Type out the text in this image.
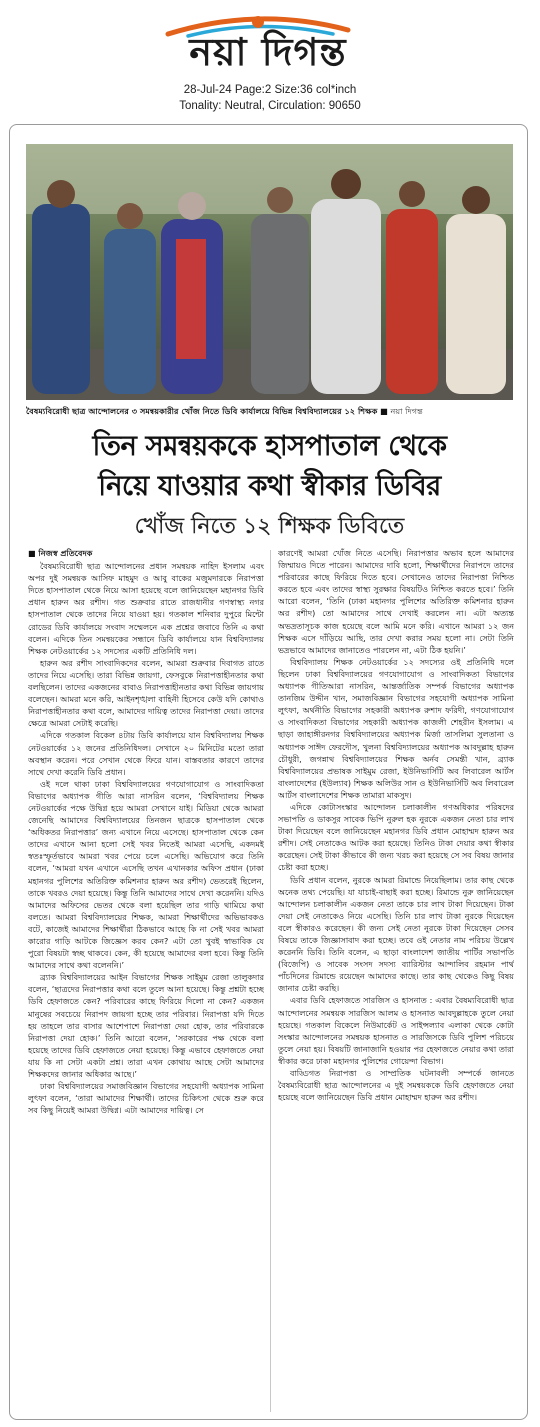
নয়া দিগন্ত
28-Jul-24 Page:2 Size:36 col*inch
Tonality: Neutral, Circulation: 90650
বৈষম্যবিরোধী ছাত্র আন্দোলনের ৩ সমন্বয়কারীর খোঁজ নিতে ডিবি কার্যালয়ে বিভিন্ন বিশ্ববিদ্যালয়ের ১২ শিক্ষক ■ নয়া দিগন্ত
তিন সমন্বয়ককে হাসপাতাল থেকে
নিয়ে যাওয়ার কথা স্বীকার ডিবির
খোঁজ নিতে ১২ শিক্ষক ডিবিতে
■ নিজস্ব প্রতিবেদক

বৈষম্যবিরোধী ছাত্র আন্দোলনের প্রধান সমন্বয়ক নাহিদ ইসলাম এবং অপর দুই সমন্বয়ক আসিফ মাহমুদ ও আবু বাকের মজুমদারকে নিরাপত্তা দিতে হাসপাতাল থেকে নিয়ে আসা হয়েছে বলে জানিয়েছেন মহানগর ডিবি প্রধান হারুন অর রশীদ। গত শুক্রবার রাতে রাজধানীর গণস্বাস্থ্য নগর হাসপাতাল থেকে তাদের নিয়ে যাওয়া হয়। গতকাল শনিবার দুপুরে মিন্টো রোডের ডিবি কার্যালয়ে সংবাদ সম্মেলনে এক প্রশ্নের জবাবে তিনি এ কথা বলেন। এদিকে তিন সমন্বয়কের সন্ধানে ডিবি কার্যালয়ে যান বিশ্ববিদ্যালয় শিক্ষক নেটওয়ার্কের ১২ সদস্যের একটি প্রতিনিধি দল।

হারুন অর রশীদ সাংবাদিকদের বলেন, আমরা শুক্রবার দিবাগত রাতে তাদের নিয়ে এসেছি। তারা বিভিন্ন জায়গা, ফেসবুকে নিরাপত্তাহীনতার কথা বলছিলেন। তাদের একজনের বাবাও নিরাপত্তাহীনতার কথা বিভিন্ন জায়গায় বলেছেন। আমরা মনে করি, আইনশৃঙ্খলা বাহিনী হিসেবে কেউ যদি কোথাও নিরাপত্তাহীনতার কথা বলে, আমাদের দায়িত্ব তাদের নিরাপত্তা দেয়া। তাদের ক্ষেত্রে আমরা সেটাই করেছি।

এদিকে গতকাল বিকেল ৪টায় ডিবি কার্যালয়ে যান বিশ্ববিদ্যালয় শিক্ষক নেটওয়ার্কের ১২ জনের প্রতিনিধিদল। সেখানে ২০ মিনিটের মতো তারা অবস্থান করেন। পরে সেখান থেকে ফিরে যান। বাস্তবতার কারণে তাদের সাথে দেখা করেনি ডিবি প্রধান।

ওই দলে থাকা ঢাকা বিশ্ববিদ্যালয়ের গণযোগাযোগ ও সাংবাদিকতা বিভাগের অধ্যাপক গীতি আরা নাসরিন বলেন, ‘বিশ্ববিদ্যালয় শিক্ষক নেটওয়ার্কের পক্ষে উদ্বিগ্ন হয়ে আমরা সেখানে যাই। মিডিয়া থেকে আমরা জেনেছি আমাদের বিশ্ববিদ্যালয়ের তিনজন ছাত্রকে হাসপাতাল থেকে ‘অধিকতর নিরাপত্তার’ জন্য এখানে নিয়ে এসেছে। হাসপাতাল থেকে কেন তাদের এখানে আনা হলো সেই খবর নিতেই আমরা এসেছি, একদমই স্বতঃস্ফূর্তভাবে আমরা খবর পেয়ে চলে এসেছি। অভিযোগ করে তিনি বলেন, ‘আমরা যখন এখানে এসেছি তখন এখানকার অফিস প্রধান (ঢাকা মহানগর পুলিশের অতিরিক্ত কমিশনার হারুন অর রশীদ) ভেতরেই ছিলেন, তাকে খবরও দেয়া হয়েছে। কিন্তু তিনি আমাদের সাথে দেখা করেননি। যদিও আমাদের অফিসের ভেতর থেকে বলা হয়েছিল তার গাড়ি থামিয়ে কথা বলতে। আমরা বিশ্ববিদ্যালয়ের শিক্ষক, আমরা শিক্ষার্থীদের অভিভাবকও বটে, কাজেই আমাদের শিক্ষার্থীরা ঠিকভাবে আছে কি না সেই খবর আমরা কারোর গাড়ি আটকে জিজ্ঞেস করব কেন? এটা তো খুবই স্বাভাবিক যে পুরো বিষয়টা স্বচ্ছ থাকবে। কেন, কী হয়েছে আমাদের বলা হবে। কিন্তু তিনি আমাদের সাথে কথা বলেননি।’

ব্র্যাক বিশ্ববিদ্যালয়ের আইন বিভাগের শিক্ষক সাইমুম রেজা তালুকদার বলেন, ‘ছাত্রদের নিরাপত্তার কথা বলে তুলে আনা হয়েছে। কিন্তু প্রশ্নটা হচ্ছে ডিবি হেফাজতে কেন? পরিবারের কাছে ফিরিয়ে দিলো না কেন? একজন মানুষের সবচেয়ে নিরাপদ জায়গা হচ্ছে তার পরিবার। নিরাপত্তা যদি দিতে হয় তাহলে তার বাসার আশেপাশে নিরাপত্তা দেয়া হোক, তার পরিবারকে নিরাপত্তা দেয়া হোক।’ তিনি আরো বলেন, ‘সরকারের পক্ষ থেকে বলা হয়েছে তাদের ডিবি হেফাজতে নেয়া হয়েছে। কিন্তু এভাবে হেফাজতে নেয়া যায় কি না সেটা একটা প্রশ্ন। তারা এখন কোথায় আছে সেটা আমাদের শিক্ষকদের জানার অধিকার আছে।’

ঢাকা বিশ্ববিদ্যালয়ের সমাজবিজ্ঞান বিভাগের সহযোগী অধ্যাপক সামিনা লুৎফা বলেন, ‘তারা আমাদের শিক্ষার্থী। তাদের চিকিৎসা থেকে শুরু করে সব কিছু নিয়েই আমরা উদ্বিগ্ন। এটা আমাদের দায়িত্ব। সে

কারণেই আমরা খোঁজ নিতে এসেছি। নিরাপত্তার অভাব হলে আমাদের জিম্মায়ও দিতে পারেন। আমাদের দাবি হলো, শিক্ষার্থীদের নিরাপদে তাদের পরিবারের কাছে ফিরিয়ে দিতে হবে। সেখানেও তাদের নিরাপত্তা নিশ্চিত করতে হবে এবং তাদের স্বাস্থ্য সুরক্ষার বিষয়টিও নিশ্চিত করতে হবে।’ তিনি আরো বলেন, ‘তিনি (ঢাকা মহানগর পুলিশের অতিরিক্ত কমিশনার হারুন অর রশীদ) তো আমাদের সাথে দেখাই করলেন না। এটা অত্যন্ত অভদ্রতাসূচক কাজ হয়েছে বলে আমি মনে করি। এখানে আমরা ১২ জন শিক্ষক এসে দাঁড়িয়ে আছি, তার দেখা করার সময় হলো না। সেটা তিনি ভদ্রভাবে আমাদের জানাতেও পারলেন না, এটা ঠিক হয়নি।’

বিশ্ববিদ্যালয় শিক্ষক নেটওয়ার্কের ১২ সদস্যের ওই প্রতিনিধি দলে ছিলেন ঢাকা বিশ্ববিদ্যালয়ের গণযোগাযোগ ও সাংবাদিকতা বিভাগের অধ্যাপক গীতিআরা নাসরিন, আন্তর্জাতিক সম্পর্ক বিভাগের অধ্যাপক তানজিম উদ্দীন খান, সমাজবিজ্ঞান বিভাগের সহযোগী অধ্যাপক সামিনা লুৎফা, অর্থনীতি বিভাগের সহকারী অধ্যাপক রুশাদ ফরিদী, গণযোগাযোগ ও সাংবাদিকতা বিভাগের সহকারী অধ্যাপক কাজলী শেহরীন ইসলাম। এ ছাড়া জাহাঙ্গীরনগর বিশ্ববিদ্যালয়ের অধ্যাপক মির্জা তাসলিমা সুলতানা ও অধ্যাপক সাঈদ ফেরদৌস, খুলনা বিশ্ববিদ্যালয়ের অধ্যাপক আবদুল্লাহ হারুন চৌধুরী, জগন্নাথ বিশ্ববিদ্যালয়ের শিক্ষক অর্নব সেমন্তী খান, ব্র্যাক বিশ্ববিদ্যালয়ের প্রভাষক সাইমুম রেজা, ইউনিভার্সিটি অব লিবারেল আর্টস বাংলাদেশের (ইউল্যাব) শিক্ষক অলিউর সান ও ইউনিভার্সিটি অব লিবারেল আর্টস বাংলাদেশের শিক্ষক তামারা মাকসুদ।

এদিকে কোটাসংস্কার আন্দোলন চলাকালীন গণঅধিকার পরিষদের সভাপতি ও ডাকসুর সাবেক ভিপি নুরুল হক নুরকে একজন নেতা চার লাখ টাকা দিয়েছেন বলে জানিয়েছেন মহানগর ডিবি প্রধান মোহাম্মদ হারুন অর রশীদ। সেই নেতাকেও আটক করা হয়েছে। তিনিও টাকা দেয়ার কথা স্বীকার করেছেন। সেই টাকা কীভাবে কী জন্য খরচ করা হয়েছে সে সব বিষয় জানার চেষ্টা করা হচ্ছে।

ডিবি প্রধান বলেন, নুরকে আমরা রিমান্ডে নিয়েছিলাম। তার কাছ থেকে অনেক তথ্য পেয়েছি। যা যাচাই-বাছাই করা হচ্ছে। রিমান্ডে নুরু জানিয়েছেন আন্দোলন চলাকালীন একজন নেতা তাকে চার লাখ টাকা দিয়েছেন। টাকা দেয়া সেই নেতাকেও নিয়ে এসেছি। তিনি চার লাখ টাকা নুরকে দিয়েছেন বলে স্বীকারও করেছেন। কী জন্য সেই নেতা নুরকে টাকা দিয়েছেন সেসব বিষয়ে তাকে জিজ্ঞাসাবাদ করা হচ্ছে। তবে ওই নেতার নাম পরিচয় উল্লেখ করেননি ডিবি। তিনি বলেন, এ ছাড়া বাংলাদেশ জাতীয় পার্টির সভাপতি (বিজেপি) ও সাবেক সংসদ সদস্য ব্যারিস্টার আন্দালিব রহমান পার্থ পাঁচদিনের রিমান্ডে রয়েছেন আমাদের কাছে। তার কাছ থেকেও কিছু বিষয় জানার চেষ্টা করছি।

এবার ডিবি হেফাজতে সারজিস ও হাসনাত : এবার বৈষম্যবিরোধী ছাত্র আন্দোলনের সমন্বয়ক সারজিস আলম ও হাসনাত আবদুল্লাহকে তুলে নেয়া হয়েছে। গতকাল বিকেলে নিউমার্কেট ও সাইন্সল্যাব এলাকা থেকে কোটা সংস্কার আন্দোলনের সমন্বয়ক হাসনাত ও সারজিসকে ডিবি পুলিশ পরিচয়ে তুলে নেয়া হয়। বিষয়টি জানাজানি হওয়ার পর হেফাজতে নেয়ার কথা তারা স্বীকার করে ঢাকা মহানগর পুলিশের গোয়েন্দা বিভাগ।

বাড্ডিগত নিরাপত্তা ও সাম্প্রতিক ঘটনাবলী সম্পর্কে জানতে বৈষম্যবিরোধী ছাত্র আন্দোলনের এ দুই সমন্বয়ককে ডিবি হেফাজতে নেয়া হয়েছে বলে জানিয়েছেন ডিবি প্রধান মোহাম্মদ হারুন অর রশীদ।
